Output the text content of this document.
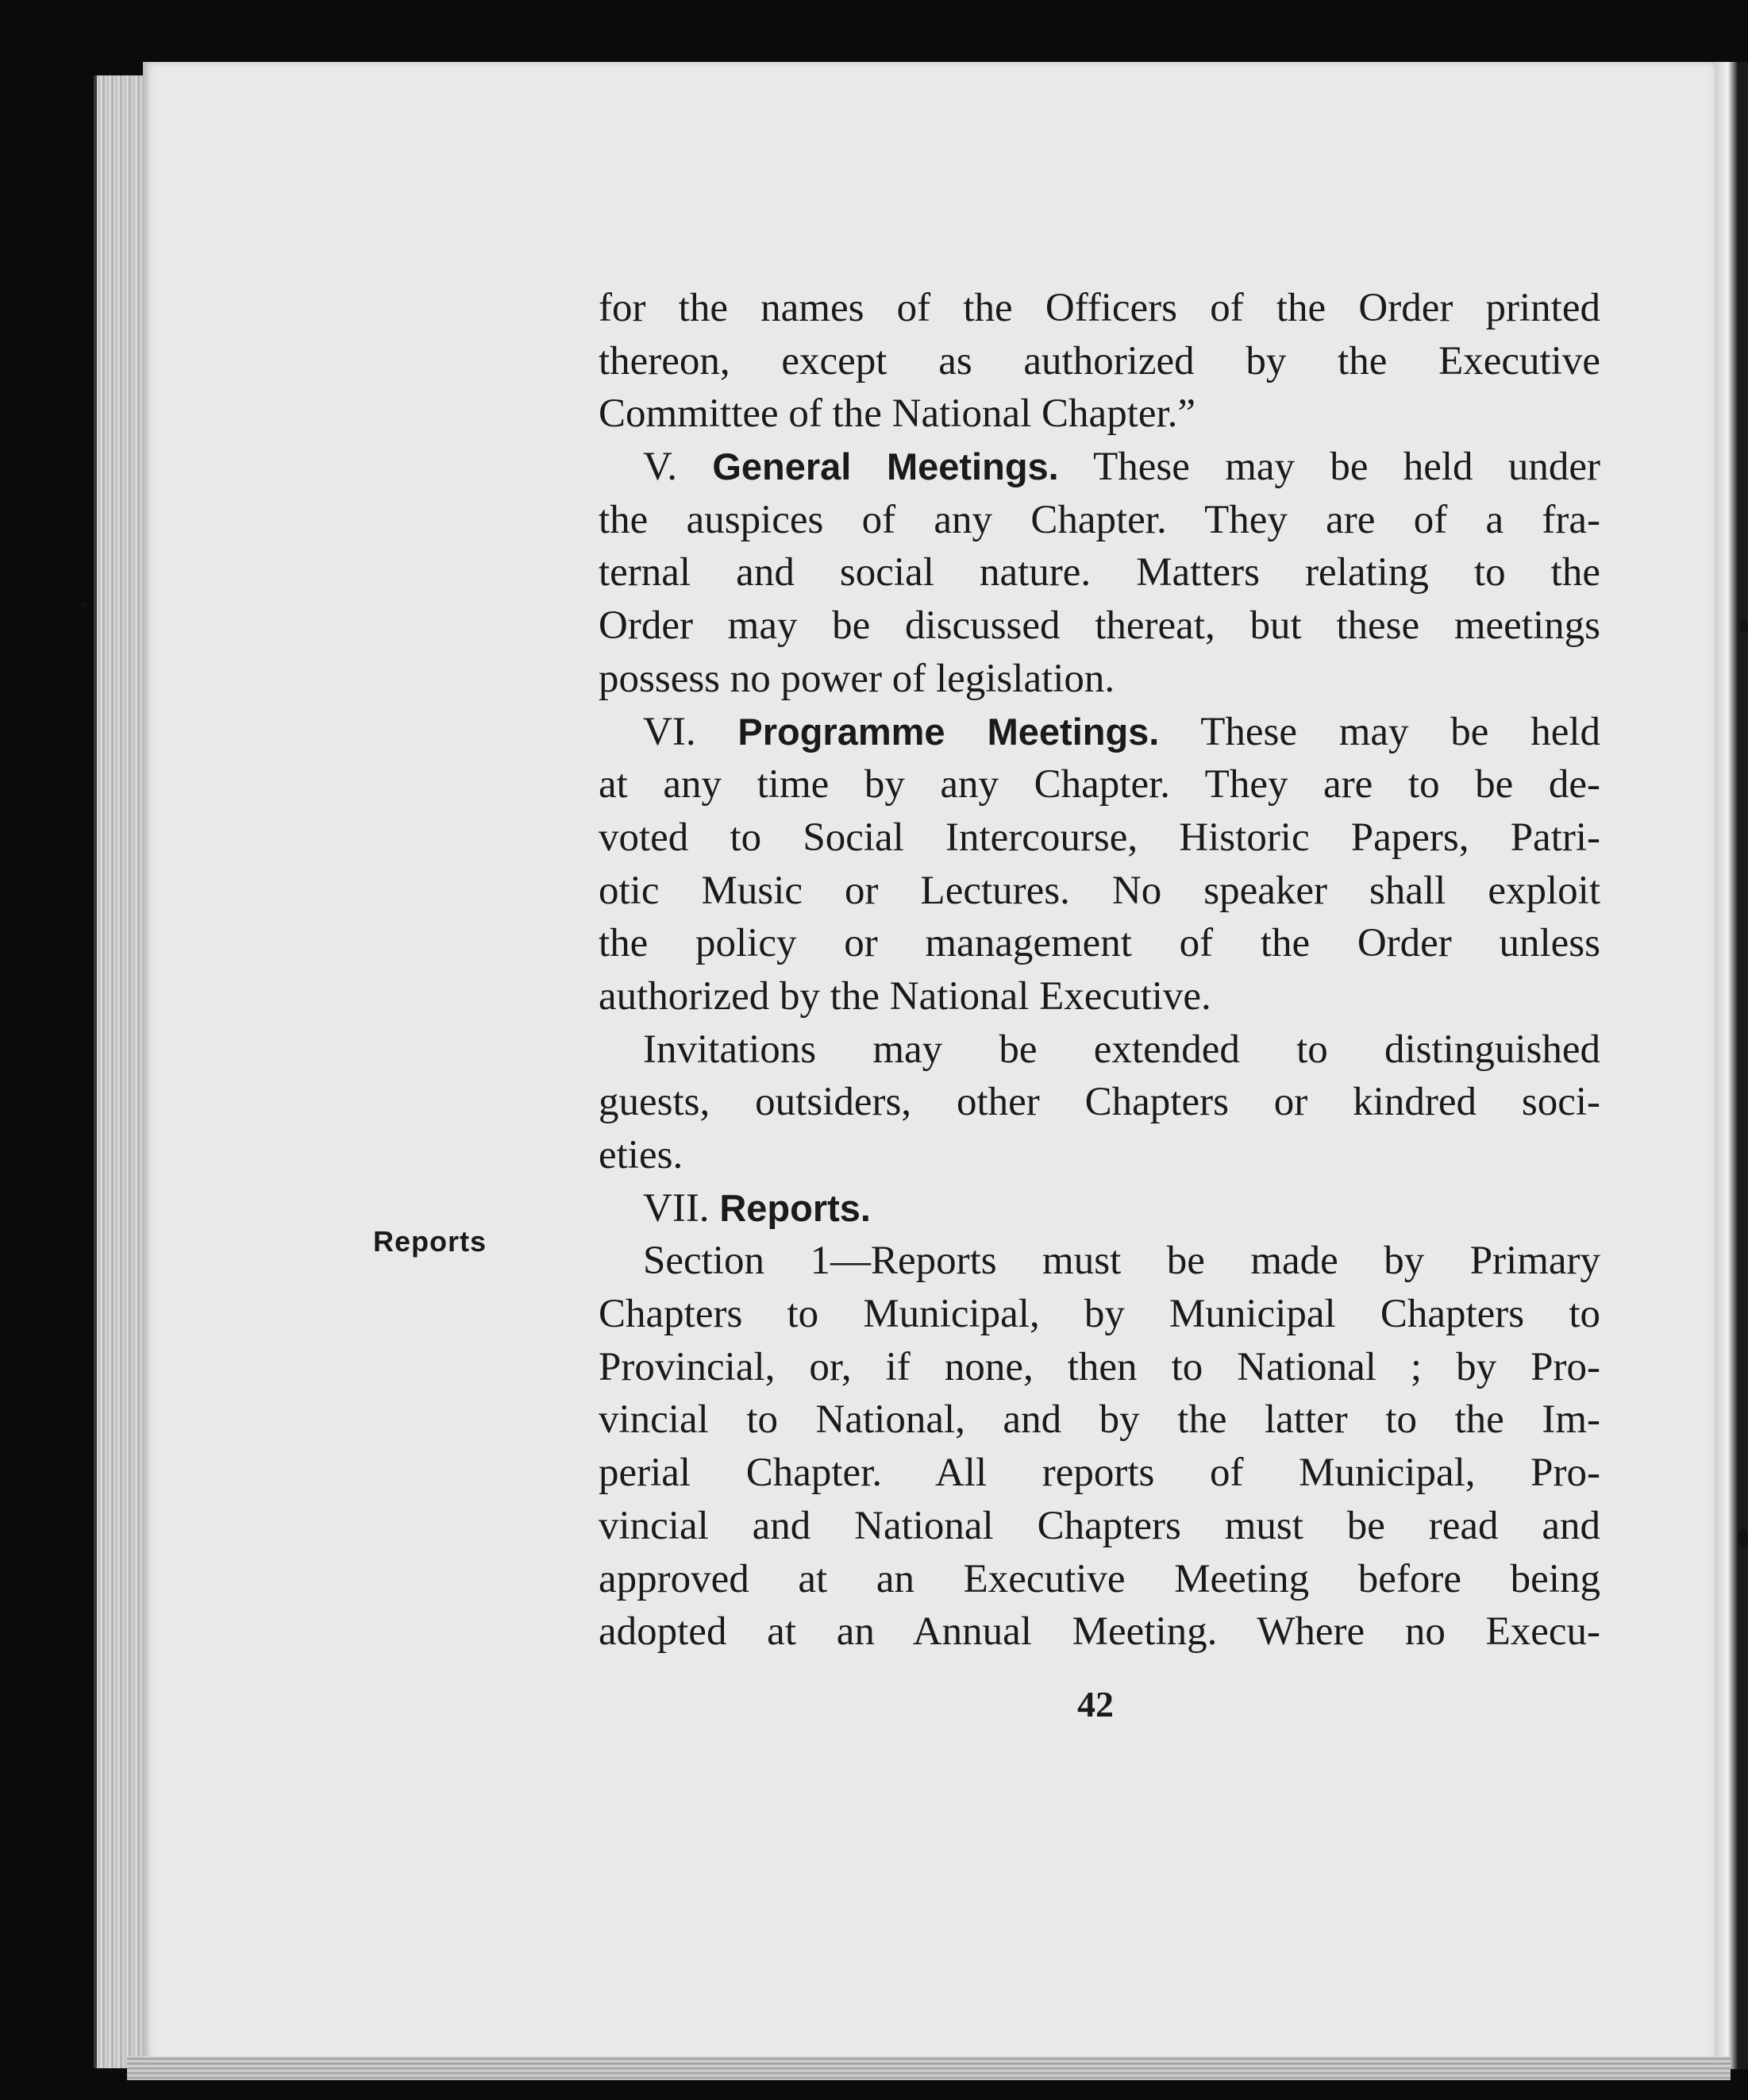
Reports
for the names of the Officers of the Order printed
thereon, except as authorized by the Executive
Committee of the National Chapter.”
V. General Meetings. These may be held under
the auspices of any Chapter. They are of a fra-
ternal and social nature. Matters relating to the
Order may be discussed thereat, but these meetings
possess no power of legislation.
VI. Programme Meetings. These may be held
at any time by any Chapter. They are to be de-
voted to Social Intercourse, Historic Papers, Patri-
otic Music or Lectures. No speaker shall exploit
the policy or management of the Order unless
authorized by the National Executive.
Invitations may be extended to distinguished
guests, outsiders, other Chapters or kindred soci-
eties.
VII. Reports.
Section 1—Reports must be made by Primary
Chapters to Municipal, by Municipal Chapters to
Provincial, or, if none, then to National ; by Pro-
vincial to National, and by the latter to the Im-
perial Chapter. All reports of Municipal, Pro-
vincial and National Chapters must be read and
approved at an Executive Meeting before being
adopted at an Annual Meeting. Where no Execu-
42
